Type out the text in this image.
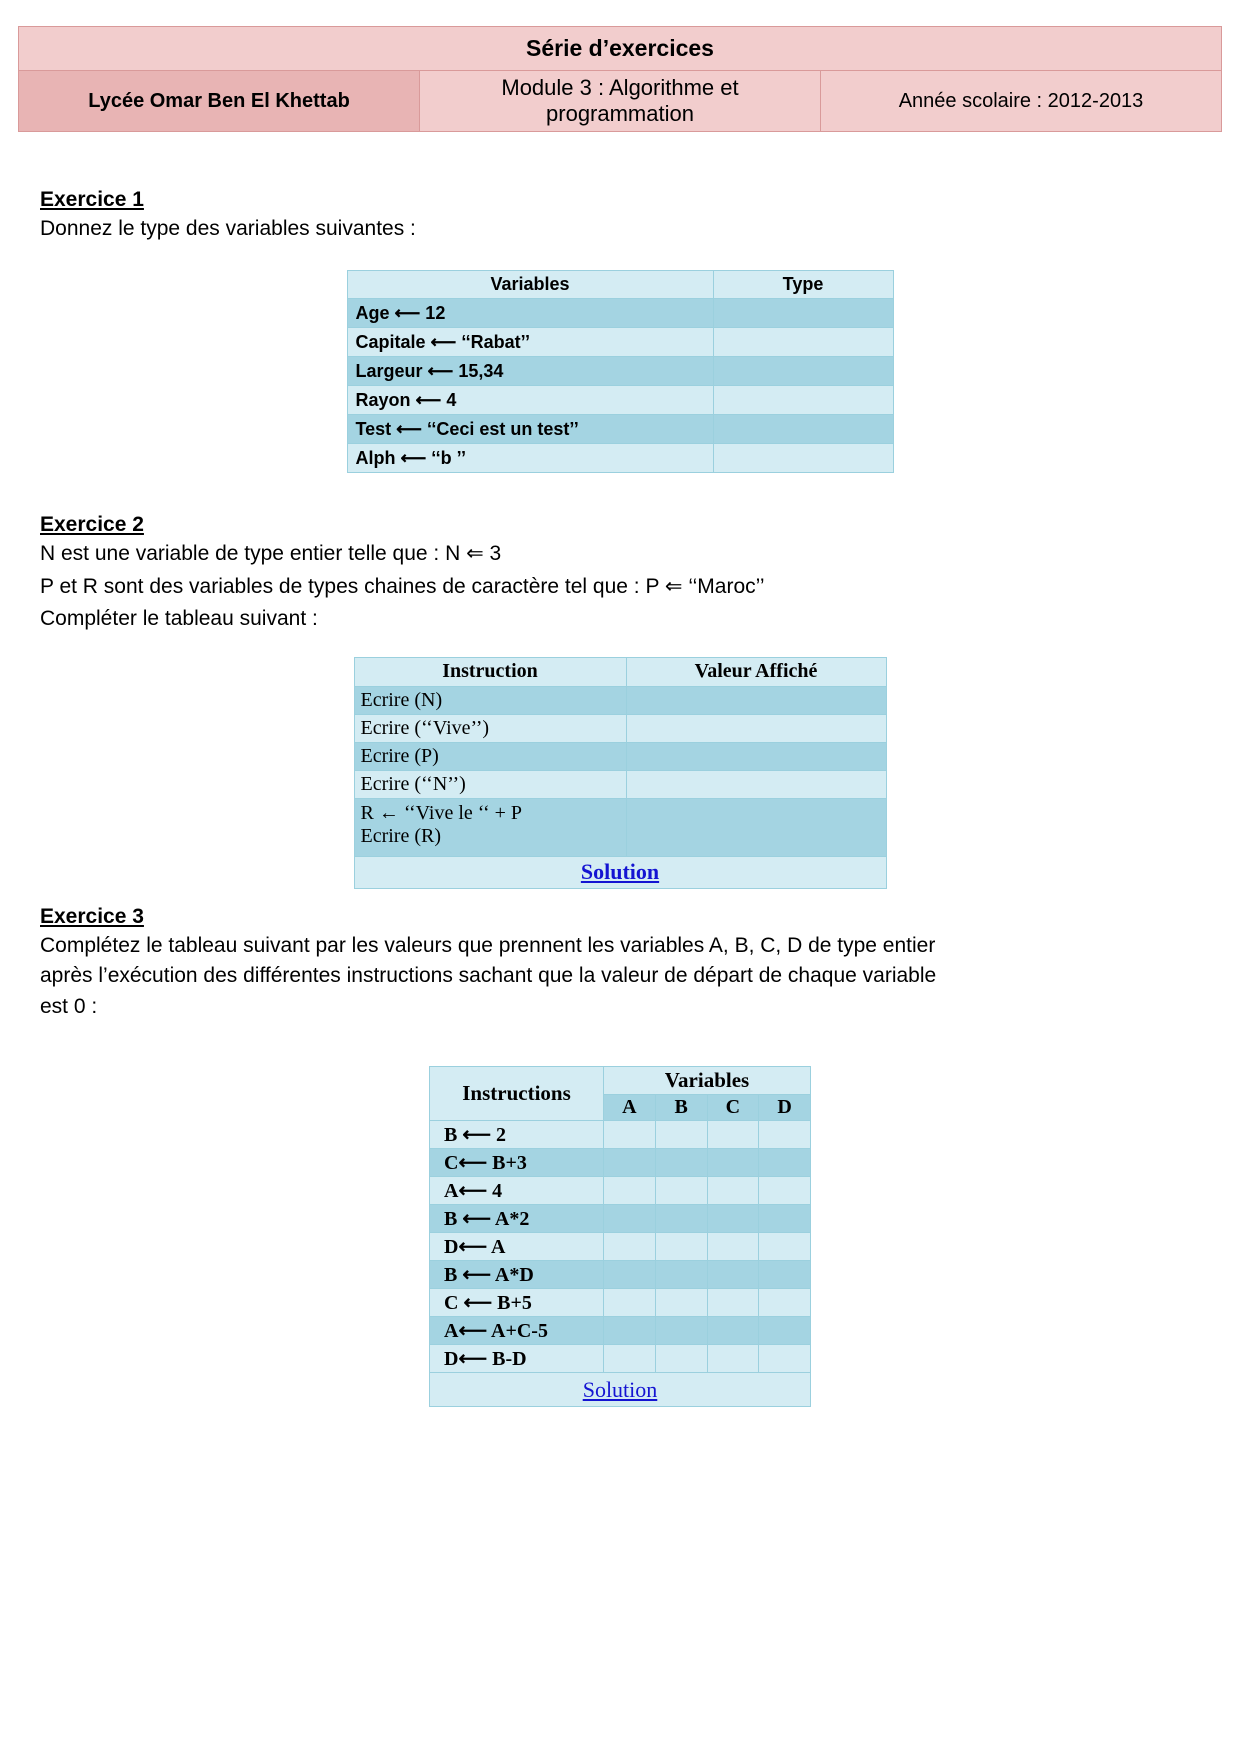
Série d’exercices
Lycée Omar Ben El Khettab	Module 3 : Algorithme et programmation	Année scolaire : 2012-2013
Exercice 1
Donnez le type des variables suivantes :
Variables	Type
Age ⟵ 12	
Capitale ⟵ ‘‘Rabat’’	
Largeur ⟵ 15,34	
Rayon ⟵ 4	
Test ⟵ ‘‘Ceci est un test’’	
Alph ⟵ ‘‘b ’’	
Exercice 2
N est une variable de type entier telle que : N ⇐ 3
P et R sont des variables de types chaines de caractère tel que : P ⇐ ‘‘Maroc’’
Compléter le tableau suivant :
Instruction	Valeur Affiché
Ecrire (N)	
Ecrire (‘‘Vive’’)	
Ecrire (P)	
Ecrire (‘‘N’’)	
R ← ‘‘Vive le ‘‘ + P
Ecrire (R)	
Solution	
Exercice 3
Complétez le tableau suivant par les valeurs que prennent les variables A, B, C, D de type entier après l’exécution des différentes instructions sachant que la valeur de départ de chaque variable est 0 :
Instructions	Variables			
	A	B	C	D
B ⟵ 2				
C⟵ B+3				
A⟵ 4				
B ⟵ A*2				
D⟵ A				
B ⟵ A*D				
C ⟵ B+5				
A⟵ A+C-5				
D⟵ B-D				
Solution				
